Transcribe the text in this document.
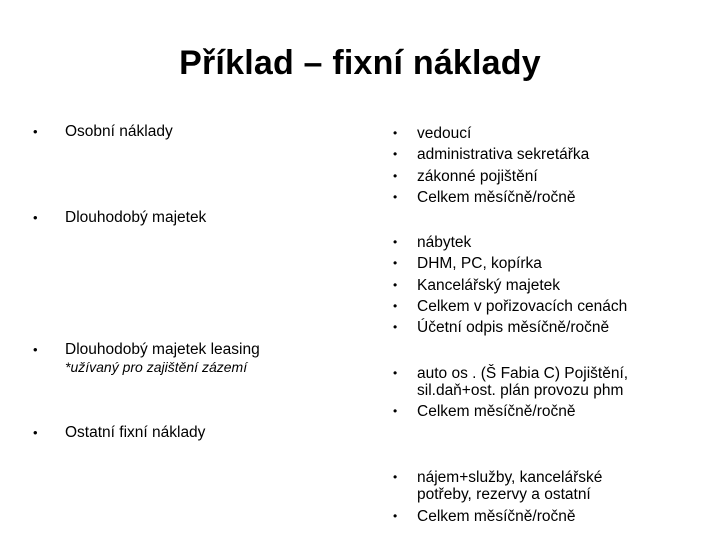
Příklad – fixní náklady
• Osobní náklady
• Dlouhodobý majetek
• Dlouhodobý majetek leasing
*užívaný pro zajištění zázemí
• Ostatní fixní náklady
• vedoucí
• administrativa sekretářka
• zákonné pojištění
• Celkem měsíčně/ročně
• nábytek
• DHM, PC, kopírka
• Kancelářský majetek
• Celkem v pořizovacích cenách
• Účetní odpis měsíčně/ročně
• auto os . (Š Fabia C) Pojištění,
sil.daň+ost. plán provozu phm
• Celkem měsíčně/ročně
• nájem+služby, kancelářské
potřeby, rezervy a ostatní
• Celkem měsíčně/ročně
